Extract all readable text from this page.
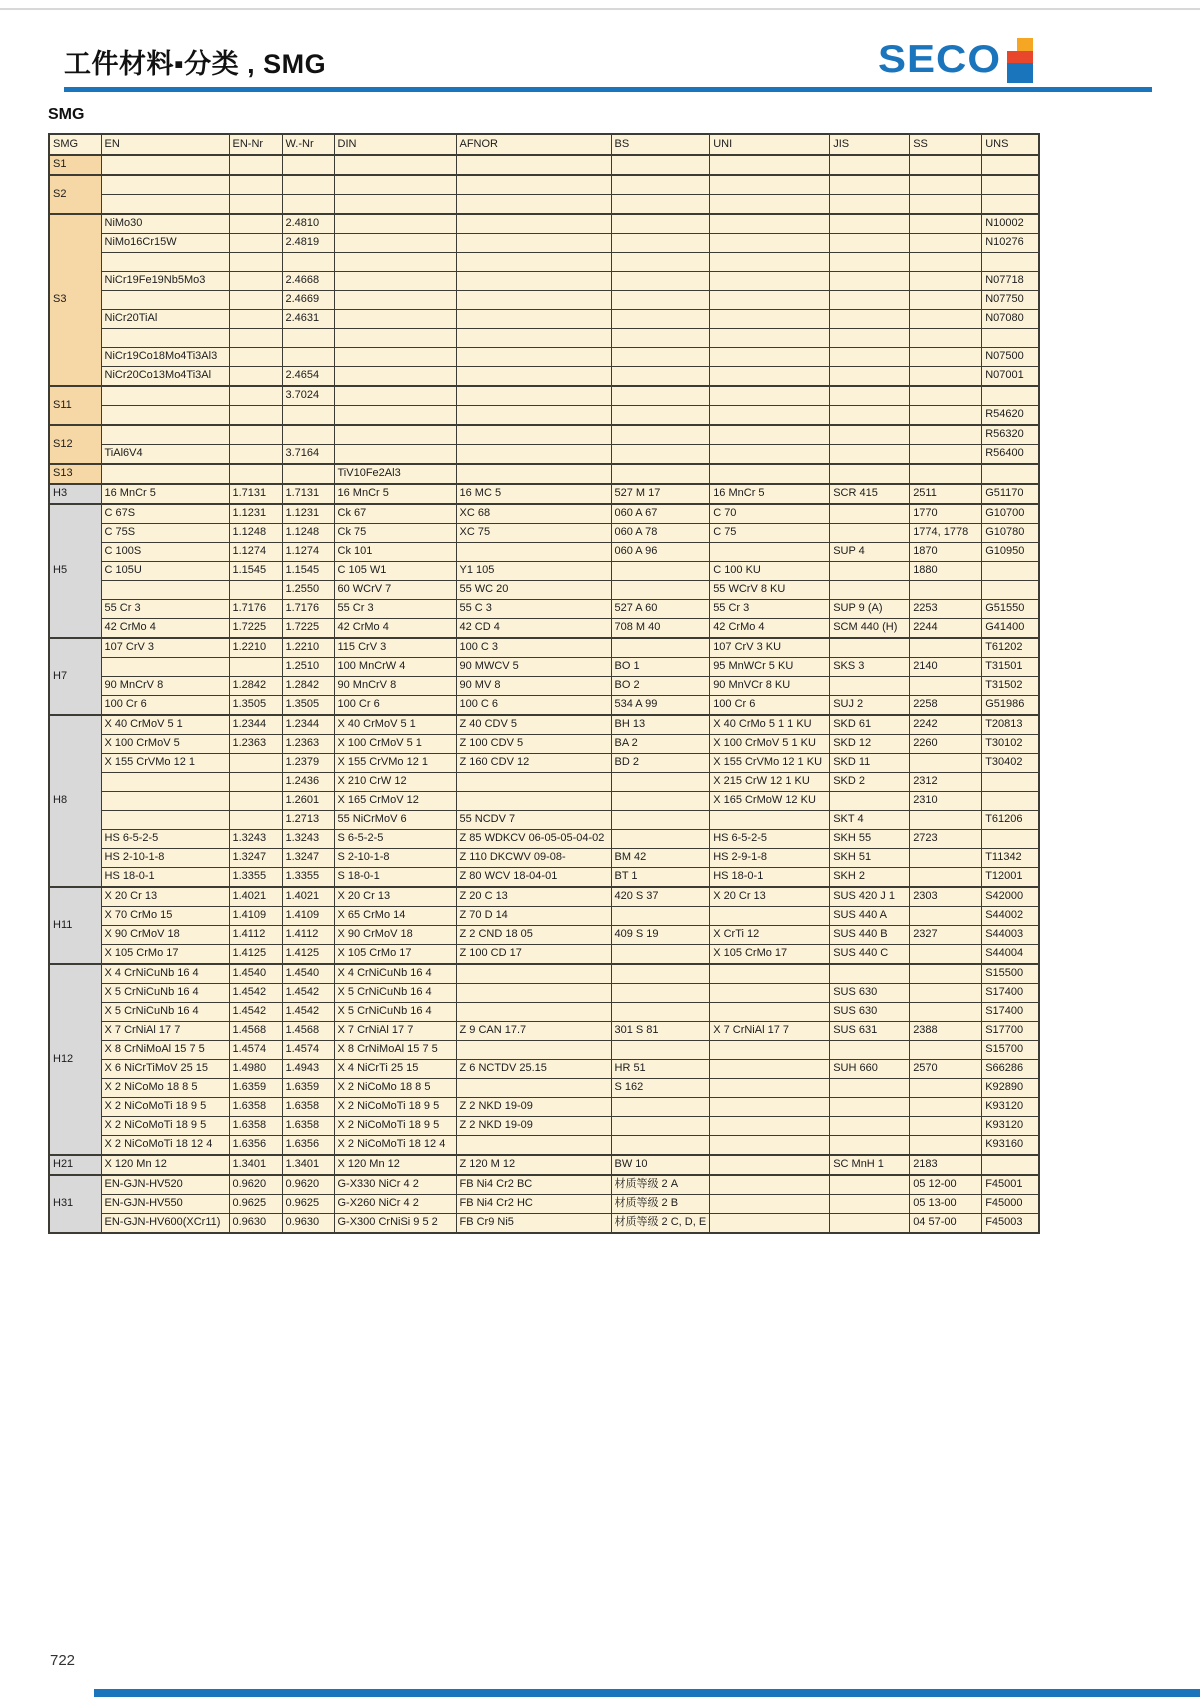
工件材料▪分类 , SMG	SECO
SMG
SMG	EN	EN-Nr	W.-Nr	DIN	AFNOR	BS	UNI	JIS	SS	UNS
S1										
S2										

S3	NiMo30		2.4810							N10002
	NiMo16Cr15W		2.4819							N10276

	NiCr19Fe19Nb5Mo3		2.4668							N07718
			2.4669							N07750
	NiCr20TiAl		2.4631							N07080

	NiCr19Co18Mo4Ti3Al3									N07500
	NiCr20Co13Mo4Ti3Al		2.4654							N07001
S11			3.7024							
										R54620
S12										R56320
	TiAl6V4		3.7164							R56400
S13				TiV10Fe2Al3						
H3	16 MnCr 5	1.7131	1.7131	16 MnCr 5	16 MC 5	527 M 17	16 MnCr 5	SCR 415	2511	G51170
H5	C 67S	1.1231	1.1231	Ck 67	XC 68	060 A 67	C 70		1770	G10700
	C 75S	1.1248	1.1248	Ck 75	XC 75	060 A 78	C 75		1774, 1778	G10780
	C 100S	1.1274	1.1274	Ck 101		060 A 96		SUP 4	1870	G10950
	C 105U	1.1545	1.1545	C 105 W1	Y1 105		C 100 KU		1880	
			1.2550	60 WCrV 7	55 WC 20		55 WCrV 8 KU			
	55 Cr 3	1.7176	1.7176	55 Cr 3	55 C 3	527 A 60	55 Cr 3	SUP 9 (A)	2253	G51550
	42 CrMo 4	1.7225	1.7225	42 CrMo 4	42 CD 4	708 M 40	42 CrMo 4	SCM 440 (H)	2244	G41400
H7	107 CrV 3	1.2210	1.2210	115 CrV 3	100 C 3		107 CrV 3 KU			T61202
			1.2510	100 MnCrW 4	90 MWCV 5	BO 1	95 MnWCr 5 KU	SKS 3	2140	T31501
	90 MnCrV 8	1.2842	1.2842	90 MnCrV 8	90 MV 8	BO 2	90 MnVCr 8 KU			T31502
	100 Cr 6	1.3505	1.3505	100 Cr 6	100 C 6	534 A 99	100 Cr 6	SUJ 2	2258	G51986
H8	X 40 CrMoV 5 1	1.2344	1.2344	X 40 CrMoV 5 1	Z 40 CDV 5	BH 13	X 40 CrMo 5 1 1 KU	SKD 61	2242	T20813
	X 100 CrMoV 5	1.2363	1.2363	X 100 CrMoV 5 1	Z 100 CDV 5	BA 2	X 100 CrMoV 5 1 KU	SKD 12	2260	T30102
	X 155 CrVMo 12 1		1.2379	X 155 CrVMo 12 1	Z 160 CDV 12	BD 2	X 155 CrVMo 12 1 KU	SKD 11		T30402
			1.2436	X 210 CrW 12			X 215 CrW 12 1 KU	SKD 2	2312	
			1.2601	X 165 CrMoV 12			X 165 CrMoW 12 KU		2310	
			1.2713	55 NiCrMoV 6	55 NCDV 7			SKT 4		T61206
	HS 6-5-2-5	1.3243	1.3243	S 6-5-2-5	Z 85 WDKCV 06-05-05-04-02		HS 6-5-2-5	SKH 55	2723	
	HS 2-10-1-8	1.3247	1.3247	S 2-10-1-8	Z 110 DKCWV 09-08-	BM 42	HS 2-9-1-8	SKH 51		T11342
	HS 18-0-1	1.3355	1.3355	S 18-0-1	Z 80 WCV 18-04-01	BT 1	HS 18-0-1	SKH 2		T12001
H11	X 20 Cr 13	1.4021	1.4021	X 20 Cr 13	Z 20 C 13	420 S 37	X 20 Cr 13	SUS 420 J 1	2303	S42000
	X 70 CrMo 15	1.4109	1.4109	X 65 CrMo 14	Z 70 D 14			SUS 440 A		S44002
	X 90 CrMoV 18	1.4112	1.4112	X 90 CrMoV 18	Z 2 CND 18 05	409 S 19	X CrTi 12	SUS 440 B	2327	S44003
	X 105 CrMo 17	1.4125	1.4125	X 105 CrMo 17	Z 100 CD 17		X 105 CrMo 17	SUS 440 C		S44004
H12	X 4 CrNiCuNb 16 4	1.4540	1.4540	X 4 CrNiCuNb 16 4						S15500
	X 5 CrNiCuNb 16 4	1.4542	1.4542	X 5 CrNiCuNb 16 4				SUS 630		S17400
	X 5 CrNiCuNb 16 4	1.4542	1.4542	X 5 CrNiCuNb 16 4				SUS 630		S17400
	X 7 CrNiAl 17 7	1.4568	1.4568	X 7 CrNiAl 17 7	Z 9 CAN 17.7	301 S 81	X 7 CrNiAl 17 7	SUS 631	2388	S17700
	X 8 CrNiMoAl 15 7 5	1.4574	1.4574	X 8 CrNiMoAl 15 7 5						S15700
	X 6 NiCrTiMoV 25 15	1.4980	1.4943	X 4 NiCrTi 25 15	Z 6 NCTDV 25.15	HR 51		SUH 660	2570	S66286
	X 2 NiCoMo 18 8 5	1.6359	1.6359	X 2 NiCoMo 18 8 5		S 162				K92890
	X 2 NiCoMoTi 18 9 5	1.6358	1.6358	X 2 NiCoMoTi 18 9 5	Z 2 NKD 19-09					K93120
	X 2 NiCoMoTi 18 9 5	1.6358	1.6358	X 2 NiCoMoTi 18 9 5	Z 2 NKD 19-09					K93120
	X 2 NiCoMoTi 18 12 4	1.6356	1.6356	X 2 NiCoMoTi 18 12 4						K93160
H21	X 120 Mn 12	1.3401	1.3401	X 120 Mn 12	Z 120 M 12	BW 10		SC MnH 1	2183	
H31	EN-GJN-HV520	0.9620	0.9620	G-X330 NiCr 4 2	FB Ni4 Cr2 BC	材质等级 2 A			05 12-00	F45001
	EN-GJN-HV550	0.9625	0.9625	G-X260 NiCr 4 2	FB Ni4 Cr2 HC	材质等级 2 B			05 13-00	F45000
	EN-GJN-HV600(XCr11)	0.9630	0.9630	G-X300 CrNiSi 9 5 2	FB Cr9 Ni5	材质等级 2 C, D, E			04 57-00	F45003
722
